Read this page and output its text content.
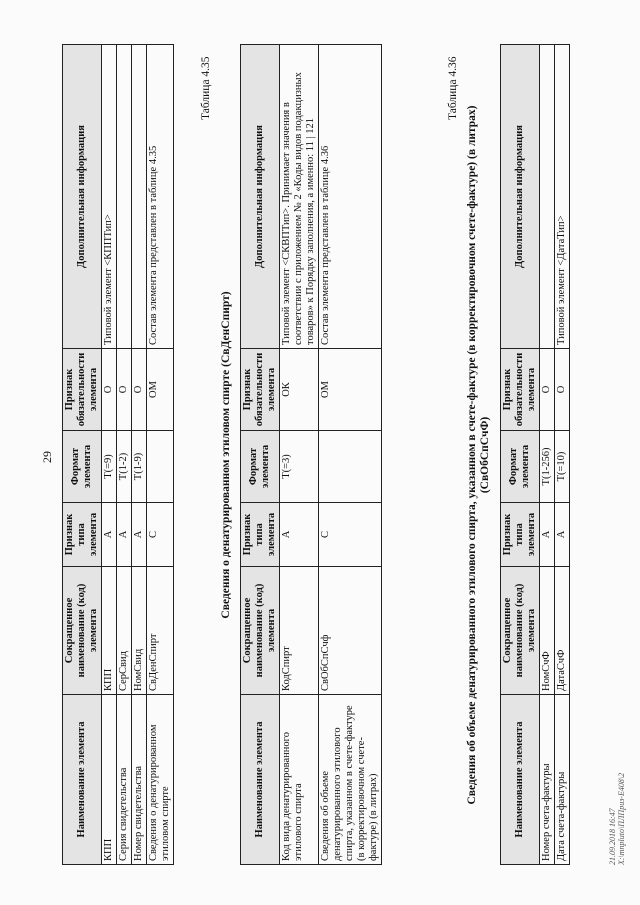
29
Наименование элемента	Сокращенное наименование (код) элемента	Признак типа элемента	Формат элемента	Признак обязательности элемента	Дополнительная информация
КПП	КПП	А	T(=9)	О	Типовой элемент <КППТип>
Серия свидетельства	СерСвид	А	T(1-2)	О	
Номер свидетельства	НомСвид	А	T(1-9)	О	
Сведения о денатурированном этиловом спирте	СвДенСпирт	С		ОМ	Состав элемента представлен в таблице 4.35
Таблица 4.35
Сведения о денатурированном этиловом спирте (СвДенСпирт)
Наименование элемента	Сокращенное наименование (код) элемента	Признак типа элемента	Формат элемента	Признак обязательности элемента	Дополнительная информация
Код вида денатурированного этилового спирта	КодСпирт	А	T(=3)	ОК	Типовой элемент <СКВПТип>. Принимает значения в соответствии с приложением № 2 «Коды видов подакцизных товаров» к Порядку заполнения, а именно: 11 | 121
Сведения об объеме денатурированного этилового спирта, указанном в счете-фактуре (в корректировочном счете-фактуре) (в литрах)	СвОбСпСчф	С		ОМ	Состав элемента представлен в таблице 4.36
Таблица 4.36
Сведения об объеме денатурированного этилового спирта, указанном в счете-фактуре (в корректировочном счете-фактуре) (в литрах) (СвОбСпСчФ)
Наименование элемента	Сокращенное наименование (код) элемента	Признак типа элемента	Формат элемента	Признак обязательности элемента	Дополнительная информация
Номер счета-фактуры	НомСчФ	А	T(1-256)	О	
Дата счета-фактуры	ДатаСчФ	А	T(=10)	О	Типовой элемент <ДатаТип>
21.09.2018 16:47 Х:\mnpluto\ПЛПриз-Е408\2
